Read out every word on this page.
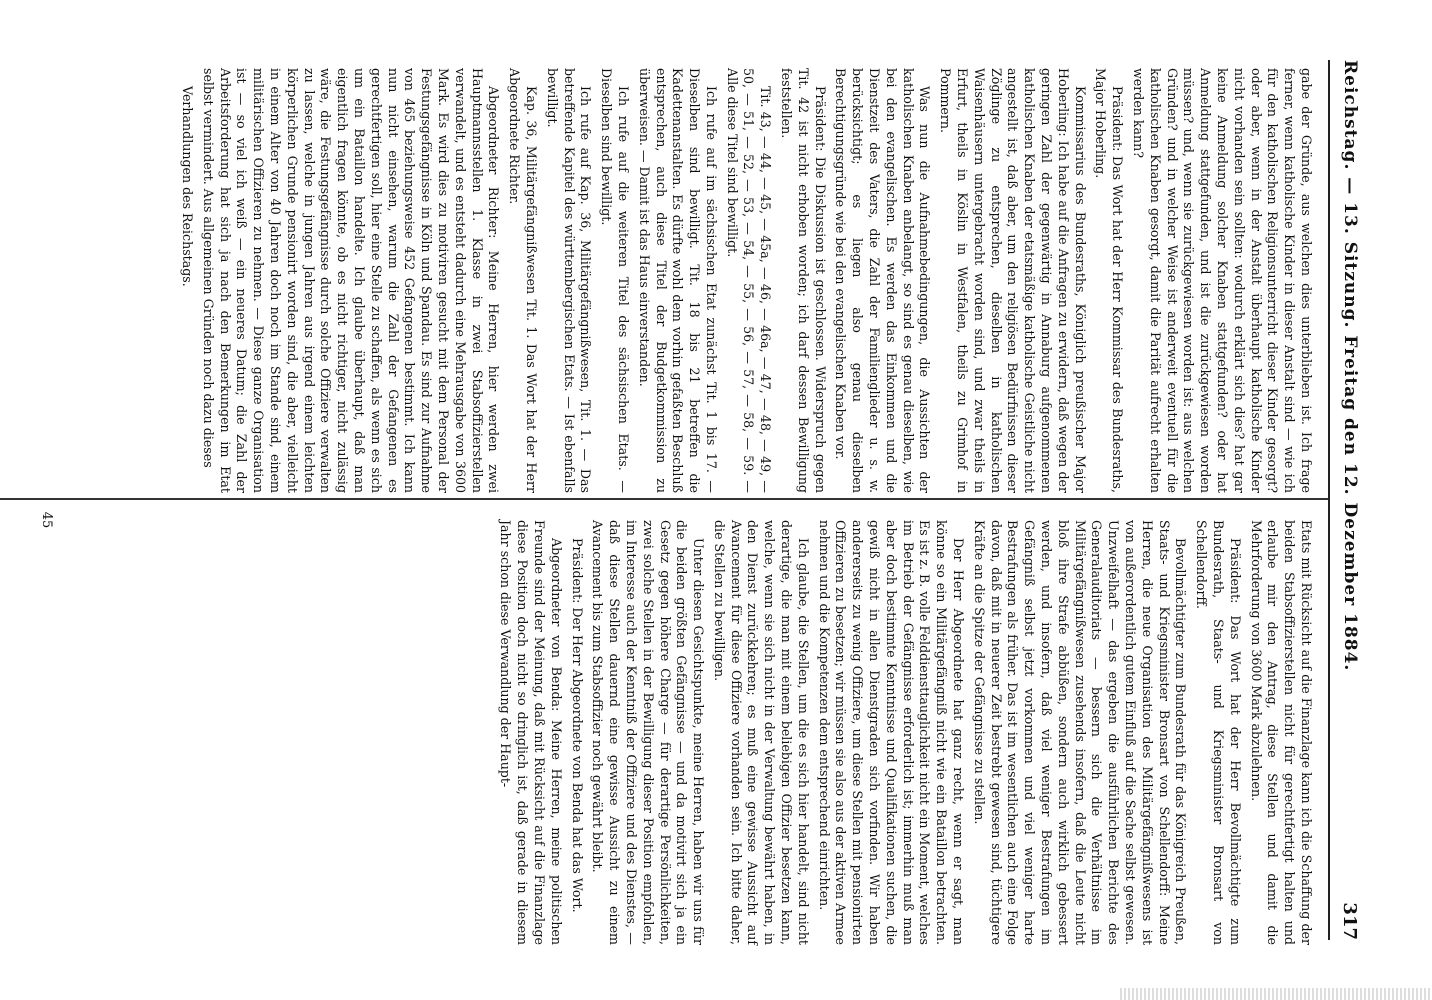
Reichstag. — 13. Sitzung. Freitag den 12. Dezember 1884.
317

gabe der Gründe, aus welchen dies unterblieben ist. Ich frage ferner, wenn katholische Kinder in dieser Anstalt sind — wie ich für den katholischen Religionsunterricht dieser Kinder gesorgt? oder aber, wenn in der Anstalt überhaupt katholische Kinder nicht vorhanden sein sollten: wodurch erklärt sich dies? hat gar keine Anmeldung solcher Knaben stattgefunden? oder hat Anmeldung stattgefunden, und ist die zurückgewiesen worden müssen? und, wenn sie zurückgewiesen worden ist: aus welchen Gründen? und in welcher Weise ist anderweit eventuell für die katholischen Knaben gesorgt, damit die Parität aufrecht erhalten werden kann?

Präsident: Das Wort hat der Herr Kommissar des Bundesraths, Major Hoberling.

Kommissarius des Bundesraths, Königlich preußischer Major Hoberling: Ich habe auf die Anfragen zu erwidern, daß wegen der geringen Zahl der gegenwärtig in Annaburg aufgenommenen katholischen Knaben der etatsmäßige katholische Geistliche nicht angestellt ist, daß aber, um den religiösen Bedürfnissen dieser Zöglinge zu entsprechen, dieselben in katholischen Waisenhäusern untergebracht worden sind, und zwar theils in Erfurt, theils in Köslin in Westfalen, theils zu Grimhof in Pommern.

Was nun die Aufnahmebedingungen, die Aussichten der katholischen Knaben anbelangt, so sind es genau dieselben, wie bei den evangelischen. Es werden das Einkommen und die Dienstzeit des Vaters, die Zahl der Familienglieder u. s. w. berücksichtigt; es liegen also genau dieselben Berechtigungsgründe wie bei den evangelischen Knaben vor.

Präsident: Die Diskussion ist geschlossen. Widerspruch gegen Tit. 42 ist nicht erhoben worden; ich darf dessen Bewilligung feststellen.

Tit. 43, — 44, — 45, — 45a, — 46, — 46a, — 47, — 48, — 49, — 50, — 51, — 52, — 53, — 54, — 55, — 56, — 57, — 58, — 59. — Alle diese Titel sind bewilligt.

Ich rufe auf im sächsischen Etat zunächst Tit. 1 bis 17. — Dieselben sind bewilligt. Tit. 18 bis 21 betreffen die Kadettenanstalten. Es dürfte wohl dem vorhin gefaßten Beschluß entsprechen, auch diese Titel der Budgetkommission zu überweisen. — Damit ist das Haus einverstanden.

Ich rufe auf die weiteren Titel des sächsischen Etats. — Dieselben sind bewilligt.

Ich rufe auf Kap. 36, Militärgefängnißwesen, Tit. 1. — Das betreffende Kapitel des württembergischen Etats. — Ist ebenfalls bewilligt.

Kap. 36, Militärgefängnißwesen Tit. 1. Das Wort hat der Herr Abgeordnete Richter.

Abgeordneter Richter: Meine Herren, hier werden zwei Hauptmannsstellen 1. Klasse in zwei Stabsoffizierstellen verwandelt, und es entsteht dadurch eine Mehrausgabe von 3600 Mark. Es wird dies zu motiviren gesucht mit dem Personal der Festungsgefängnisse in Köln und Spandau. Es sind zur Aufnahme von 465 beziehungsweise 452 Gefangenen bestimmt. Ich kann nun nicht einsehen, warum die Zahl der Gefangenen es gerechtfertigen soll, hier eine Stelle zu schaffen, als wenn es sich um ein Bataillon handelte. Ich glaube überhaupt, daß man eigentlich fragen könnte, ob es nicht richtiger, nicht zulässig wäre, die Festungsgefängnisse durch solche Offiziere verwalten zu lassen, welche in jungen Jahren aus irgend einem leichten körperlichen Grunde pensionirt worden sind, die aber, vielleicht in einem Alter von 40 Jahren doch noch im Stande sind, einem militärischen Offizieren zu nehmen. — Diese ganze Organisation ist — so viel ich weiß — ein neueres Datum; die Zahl der Arbeitsforderung hat sich ja nach den Bemerkungen im Etat selbst vermindert. Aus allgemeinen Gründen noch dazu dieses

Verhandlungen des Reichstags.

Etats mit Rücksicht auf die Finanzlage kann ich die Schaffung der beiden Stabsoffizierstellen nicht für gerechtfertigt halten und erlaube mir den Antrag, diese Stellen und damit die Mehrforderung von 3600 Mark abzulehnen.

Präsident: Das Wort hat der Herr Bevollmächtigte zum Bundesrath, Staats- und Kriegsminister Bronsart von Schellendorff.

Bevollmächtigter zum Bundesrath für das Königreich Preußen, Staats- und Kriegsminister Bronsart von Schellendorff: Meine Herren, die neue Organisation des Militärgefängnißwesens ist von außerordentlich gutem Einfluß auf die Sache selbst gewesen. Unzweifelhaft — das ergeben die ausführlichen Berichte des Generalauditoriats — bessern sich die Verhältnisse im Militärgefängnißwesen zusehends insofern, daß die Leute nicht bloß ihre Strafe abbüßen, sondern auch wirklich gebessert werden, und insofern, daß viel weniger Bestrafungen im Gefängniß selbst jetzt vorkommen und viel weniger harte Bestrafungen als früher. Das ist im wesentlichen auch eine Folge davon, daß mit in neuerer Zeit bestrebt gewesen sind, tüchtigere Kräfte an die Spitze der Gefängnisse zu stellen.

Der Herr Abgeordnete hat ganz recht, wenn er sagt, man könne so ein Militärgefängniß nicht wie ein Bataillon betrachten. Es ist z. B. volle Felddiensttauglichkeit nicht ein Moment, welches im Betrieb der Gefängnisse erforderlich ist; immerhin muß man aber doch bestimmte Kenntnisse und Qualifikationen suchen, die gewiß nicht in allen Dienstgraden sich vorfinden. Wir haben andererseits zu wenig Offiziere, um diese Stellen mit pensionirten Offizieren zu besetzen; wir müssen sie also aus der aktiven Armee nehmen und die Kompetenzen dem entsprechend einrichten.

Ich glaube, die Stellen, um die es sich hier handelt, sind nicht derartige, die man mit einem beliebigen Offizier besetzen kann, welche, wenn sie sich nicht in der Verwaltung bewährt haben, in den Dienst zurückkehren; es muß eine gewisse Aussicht auf Avancement für diese Offiziere vorhanden sein. Ich bitte daher, die Stellen zu bewilligen.

Unter diesen Gesichtspunkte, meine Herren, haben wir uns für die beiden größten Gefängnisse — und da motivirt sich ja ein Gesetz gegen höhere Charge — für derartige Persönlichkeiten, zwei solche Stellen in der Bewilligung dieser Position empfohlen, im Interesse auch der Kenntniß der Offiziere und des Dienstes, — daß diese Stellen dauernd eine gewisse Aussicht zu einem Avancement bis zum Stabsoffizier noch gewährt bleibt.

Präsident: Der Herr Abgeordnete von Benda hat das Wort.

Abgeordneter von Benda: Meine Herren, meine politischen Freunde sind der Meinung, daß mit Rücksicht auf die Finanzlage diese Position doch nicht so dringlich ist, daß gerade in diesem Jahr schon diese Verwandlung der Haupt-

45
